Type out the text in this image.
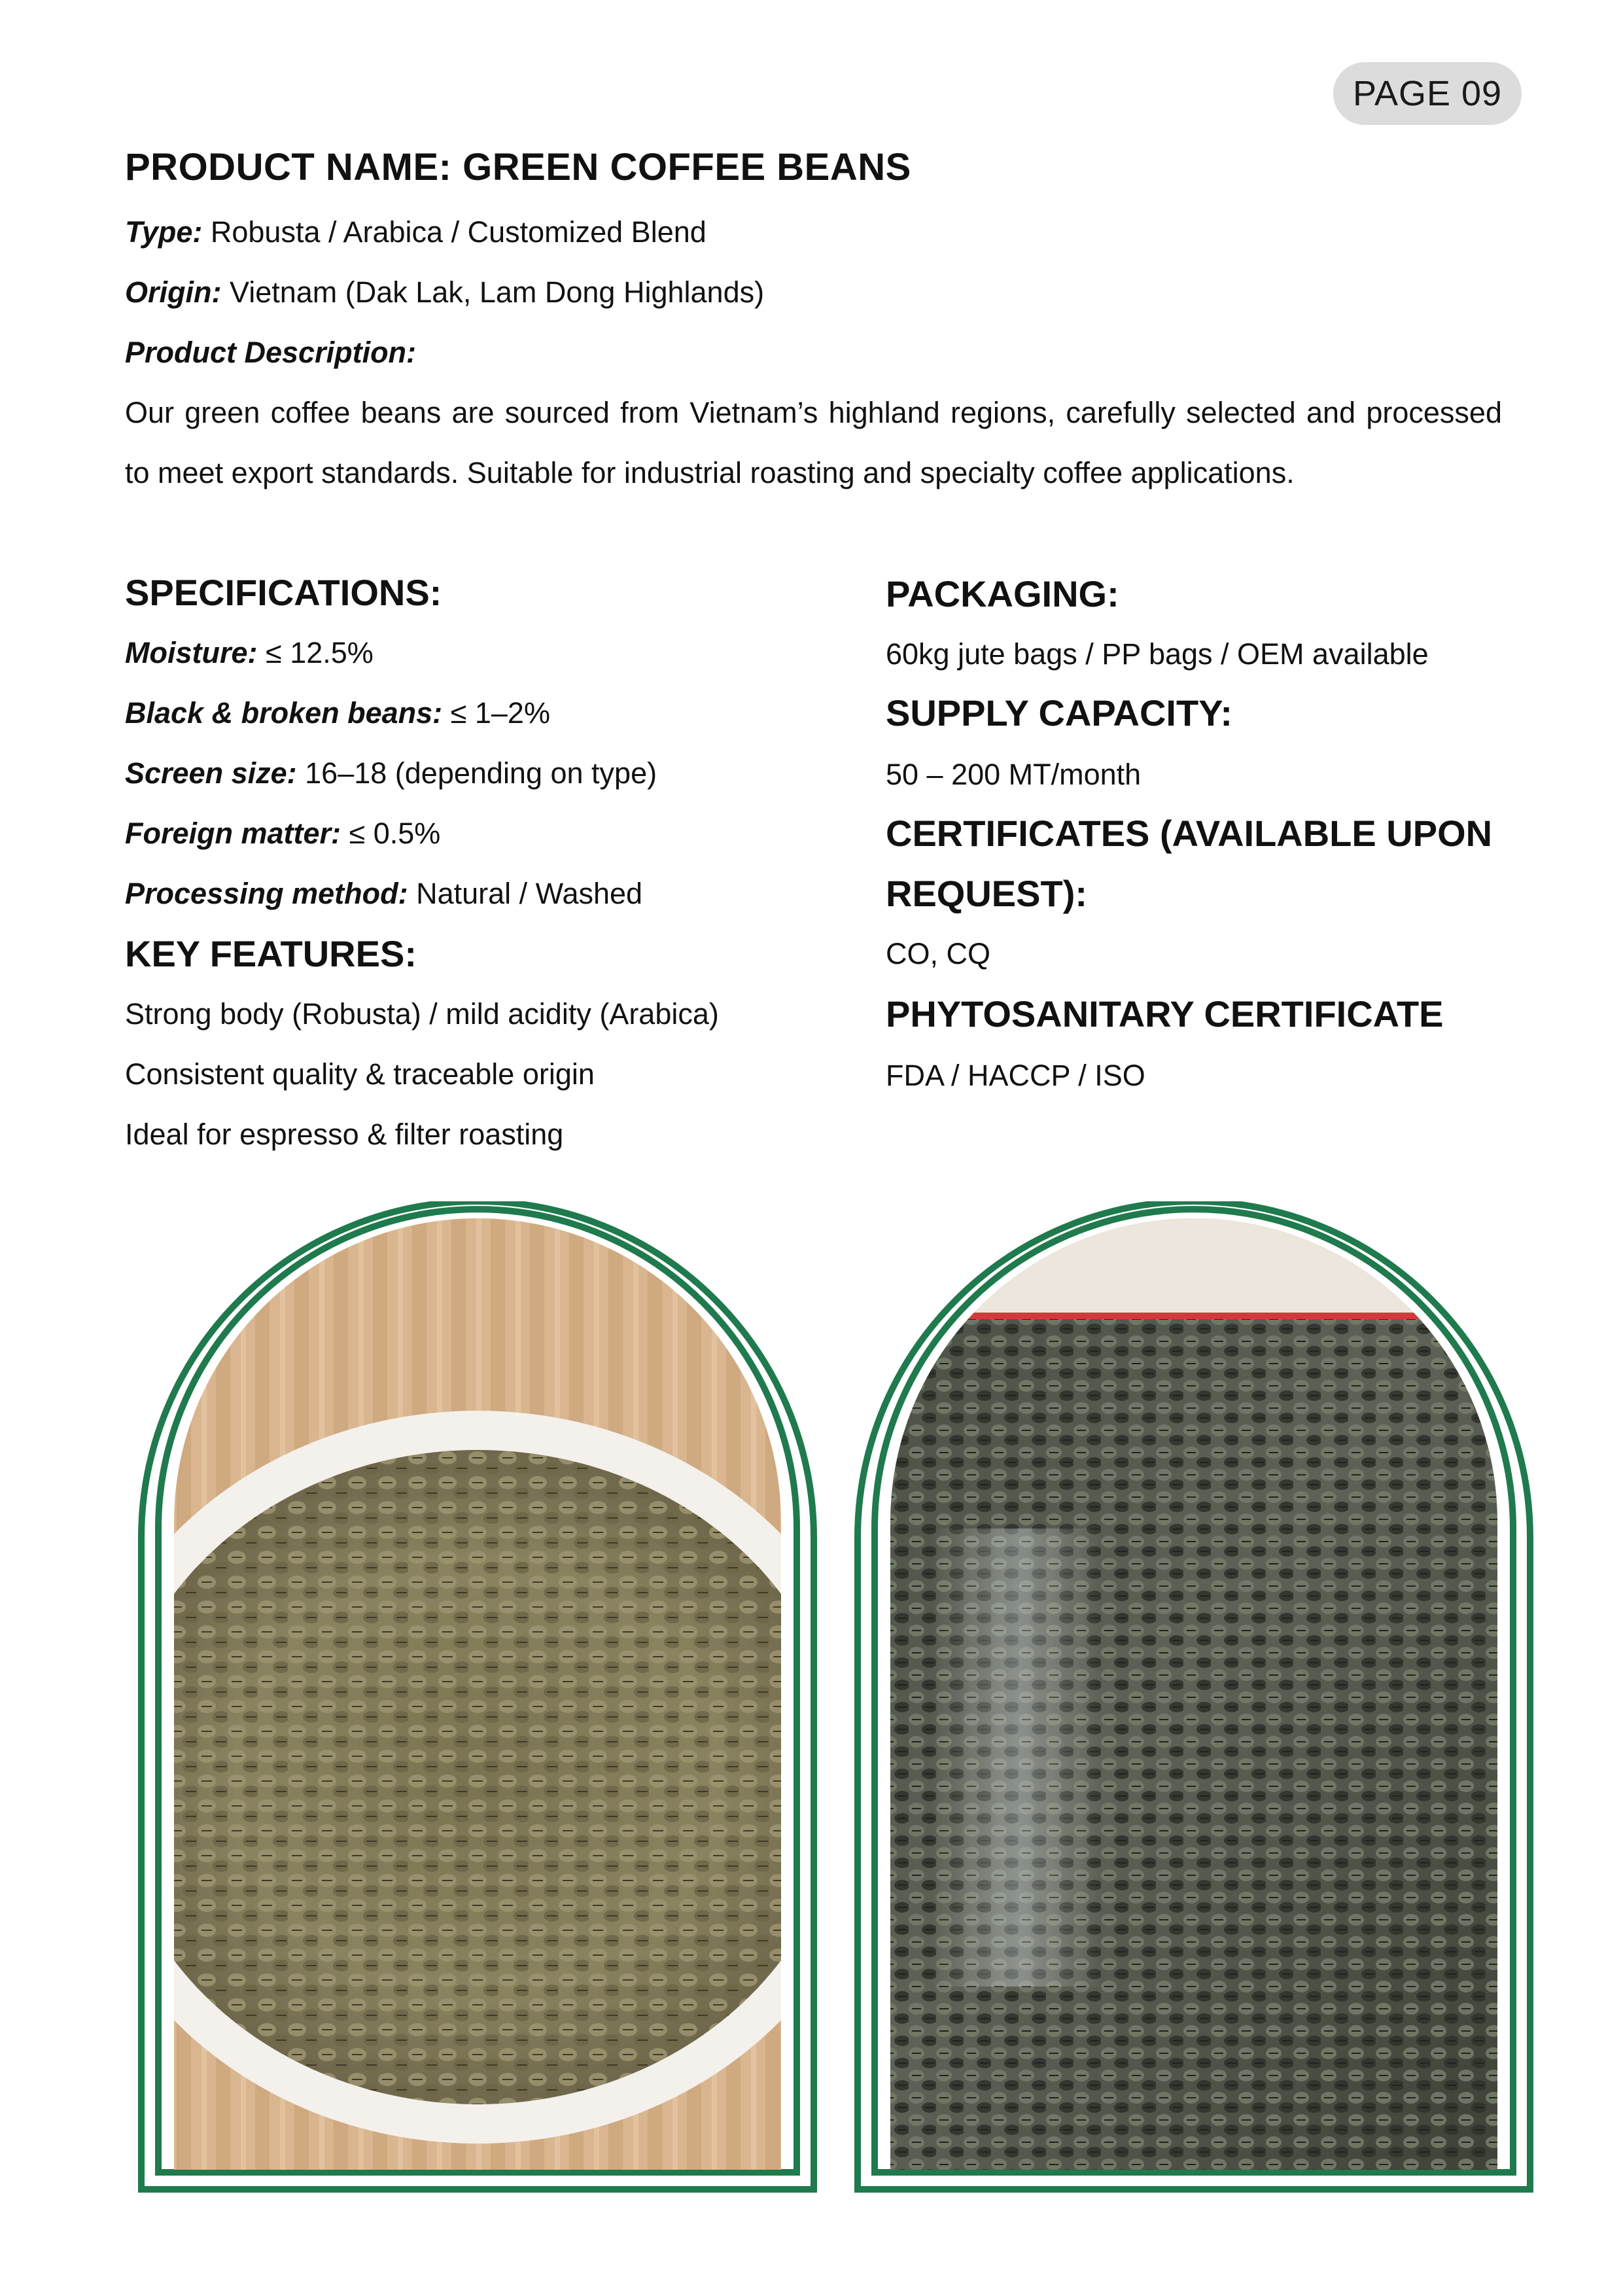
PAGE 09
PRODUCT NAME: GREEN COFFEE BEANS
Type: Robusta / Arabica / Customized Blend
Origin: Vietnam (Dak Lak, Lam Dong Highlands)
Product Description:

Our green coffee beans are sourced from Vietnam’s highland regions, carefully selected and processed to meet export standards. Suitable for industrial roasting and specialty coffee applications.

SPECIFICATIONS:
Moisture: ≤ 12.5%
Black & broken beans: ≤ 1–2%
Screen size: 16–18 (depending on type)
Foreign matter: ≤ 0.5%
Processing method: Natural / Washed
KEY FEATURES:
Strong body (Robusta) / mild acidity (Arabica)
Consistent quality & traceable origin
Ideal for espresso & filter roasting
PACKAGING:
60kg jute bags / PP bags / OEM available
SUPPLY CAPACITY:
50 – 200 MT/month
CERTIFICATES (AVAILABLE UPON
REQUEST):
CO, CQ
PHYTOSANITARY CERTIFICATE
FDA / HACCP / ISO
